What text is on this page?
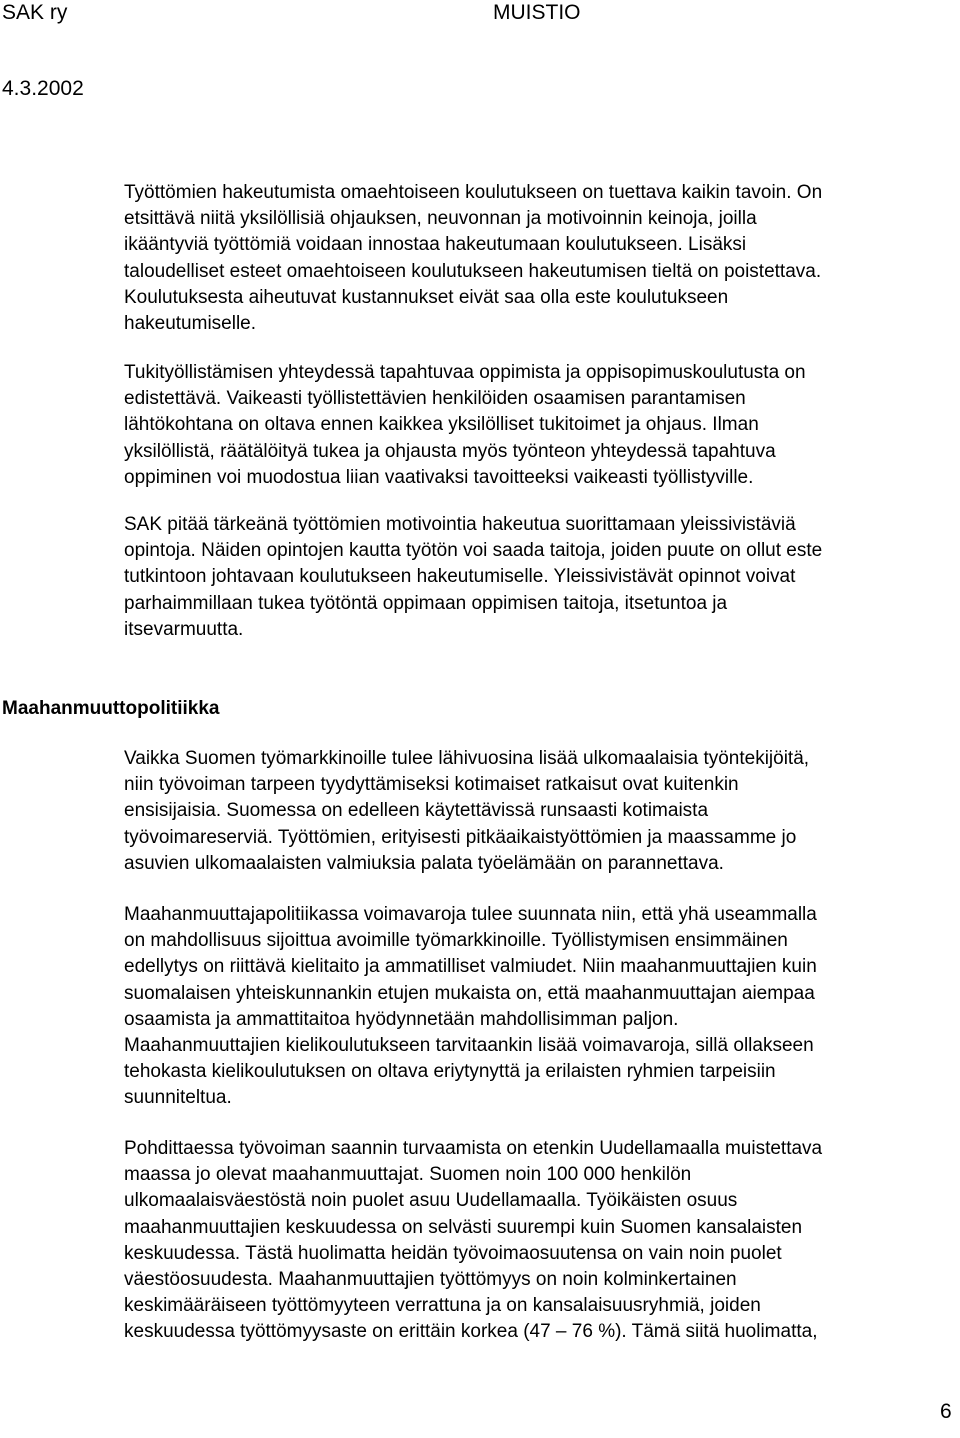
SAK ry	MUISTIO
4.3.2002
Työttömien hakeutumista omaehtoiseen koulutukseen on tuettava kaikin tavoin. On
etsittävä niitä yksilöllisiä ohjauksen, neuvonnan ja motivoinnin keinoja, joilla
ikääntyviä työttömiä voidaan innostaa hakeutumaan koulutukseen. Lisäksi
taloudelliset esteet omaehtoiseen koulutukseen hakeutumisen tieltä on poistettava.
Koulutuksesta aiheutuvat kustannukset eivät saa olla este koulutukseen
hakeutumiselle.
Tukityöllistämisen yhteydessä tapahtuvaa oppimista ja oppisopimuskoulutusta on
edistettävä. Vaikeasti työllistettävien henkilöiden osaamisen parantamisen
lähtökohtana on oltava ennen kaikkea yksilölliset tukitoimet ja ohjaus. Ilman
yksilöllistä, räätälöityä tukea ja ohjausta myös työnteon yhteydessä tapahtuva
oppiminen voi muodostua liian vaativaksi tavoitteeksi vaikeasti työllistyville.
SAK pitää tärkeänä työttömien motivointia hakeutua suorittamaan yleissivistäviä
opintoja. Näiden opintojen kautta työtön voi saada taitoja, joiden puute on ollut este
tutkintoon johtavaan koulutukseen hakeutumiselle. Yleissivistävät opinnot voivat
parhaimmillaan tukea työtöntä oppimaan oppimisen taitoja, itsetuntoa ja
itsevarmuutta.
Maahanmuuttopolitiikka
Vaikka Suomen työmarkkinoille tulee lähivuosina lisää ulkomaalaisia työntekijöitä,
niin työvoiman tarpeen tyydyttämiseksi kotimaiset ratkaisut ovat kuitenkin
ensisijaisia. Suomessa on edelleen käytettävissä runsaasti kotimaista
työvoimareserviä. Työttömien, erityisesti pitkäaikaistyöttömien ja maassamme jo
asuvien ulkomaalaisten valmiuksia palata työelämään on parannettava.
Maahanmuuttajapolitiikassa voimavaroja tulee suunnata niin, että yhä useammalla
on mahdollisuus sijoittua avoimille työmarkkinoille. Työllistymisen ensimmäinen
edellytys on riittävä kielitaito ja ammatilliset valmiudet. Niin maahanmuuttajien kuin
suomalaisen yhteiskunnankin etujen mukaista on, että maahanmuuttajan aiempaa
osaamista ja ammattitaitoa hyödynnetään mahdollisimman paljon.
Maahanmuuttajien kielikoulutukseen tarvitaankin lisää voimavaroja, sillä ollakseen
tehokasta kielikoulutuksen on oltava eriytynyttä ja erilaisten ryhmien tarpeisiin
suunniteltua.
Pohdittaessa työvoiman saannin turvaamista on etenkin Uudellamaalla muistettava
maassa jo olevat maahanmuuttajat. Suomen noin 100 000 henkilön
ulkomaalaisväestöstä noin puolet asuu Uudellamaalla. Työikäisten osuus
maahanmuuttajien keskuudessa on selvästi suurempi kuin Suomen kansalaisten
keskuudessa. Tästä huolimatta heidän työvoimaosuutensa on vain noin puolet
väestöosuudesta. Maahanmuuttajien työttömyys on noin kolminkertainen
keskimääräiseen työttömyyteen verrattuna ja on kansalaisuusryhmiä, joiden
keskuudessa työttömyysaste on erittäin korkea (47 – 76 %). Tämä siitä huolimatta,
6
